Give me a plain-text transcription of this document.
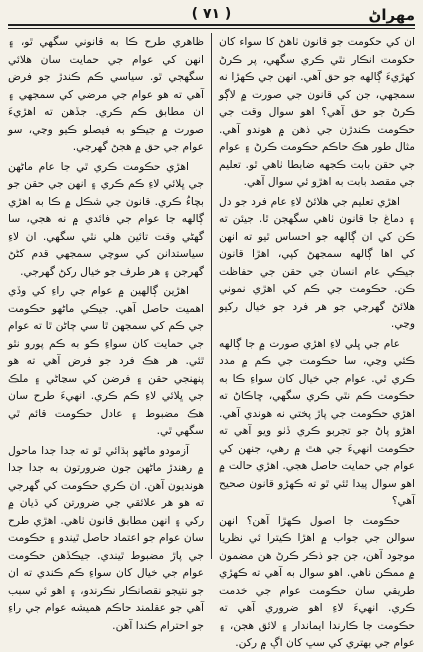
مهراڻ
( ٧١ )

ان کي حکومت جو قانون ٺاهڻ کا سواء کان حکومت انڪار نٿي ڪري سگهي، پر ڪرڻ کهڙيءَ ڳالهه جو حق آهي. انهن جي ڪهڙا نه سمجهي، جن کي قانون جي صورت ۾ لاڳو ڪرڻ جو حق آهي؟ اهو سوال وقت جي حڪومت ڪندڙن جي ذهن ۾ هوندو آهي. مثال طور هڪ حاڪم حڪومت ڪرڻ ۽ عوام جي حقن بابت ڪجهه ضابطا ٺاهي ٿو. تعليم جي مقصد بابت به اهڙو ئي سوال آهي.

اهڙي تعليم جي هلائڻ لاءِ عام فرد جو دل ۽ دماغ جا قانون ٺاهي سگهجن ٿا. جيئن ته ڪن کي ان ڳالهه جو احساس ٿيو ته انهن کي اها ڳالهه سمجهڻ کپي، اهڙا قانون جيڪي عام انسان جي حقن جي حفاظت ڪن. حڪومت جي ڪم کي اهڙي نموني هلائڻ گهرجي جو هر فرد جو خيال رکيو وڃي.

عام جي ڀلي لاءِ اهڙي صورت ۾ جا ڳالهه ڪئي وڃي، سا حڪومت جي ڪم ۾ مدد ڪري ٿي. عوام جي خيال کان سواءِ ڪا به حڪومت ڪم نٿي ڪري سگهي، ڇاڪاڻ ته اهڙي حڪومت جي پاڙ پختي نه هوندي آهي. اهڙو پاڻ جو تجربو ڪري ڏٺو ويو آهي ته حڪومت انهيءَ جي هٿ ۾ رهي، جنهن کي عوام جي حمايت حاصل هجي. اهڙي حالت ۾ اهو سوال پيدا ٿئي ٿو ته ڪهڙو قانون صحيح آهي؟

حڪومت جا اصول ڪهڙا آهن؟ انهن سوالن جي جواب ۾ اهڙا ڪيترا ئي نظريا موجود آهن، جن جو ذڪر ڪرڻ هن مضمون ۾ ممڪن ناهي. اهو سوال به آهي ته ڪهڙي طريقي سان حڪومت عوام جي خدمت ڪري. انهيءَ لاءِ اهو ضروري آهي ته حڪومت جا ڪارندا ايماندار ۽ لائق هجن، ۽ عوام جي بهتري کي سڀ کان اڳ ۾ رکن.

ظاهري طرح ڪا به قانوني سگهي ٿو، ۽ انهن کي عوام جي حمايت سان هلائي سگهجي ٿو. سياسي ڪم ڪندڙ جو فرض آهي ته هو عوام جي مرضي کي سمجهي ۽ ان مطابق ڪم ڪري. جڏهن ته اهڙيءَ صورت ۾ جيڪو به فيصلو ڪيو وڃي، سو عوام جي حق ۾ هجڻ گهرجي.

اهڙي حڪومت ڪري ٿي جا عام ماڻهن جي ڀلائي لاءِ ڪم ڪري ۽ انهن جي حقن جو بچاءُ ڪري. قانون جي شڪل ۾ ڪا به اهڙي ڳالهه جا عوام جي فائدي ۾ نه هجي، سا گهڻي وقت تائين هلي نٿي سگهي. ان لاءِ سياستدانن کي سوچي سمجهي قدم کڻڻ گهرجن ۽ هر طرف جو خيال رکڻ گهرجي.

اهڙين ڳالهين ۾ عوام جي راءِ کي وڏي اهميت حاصل آهي. جيڪي ماڻهو حڪومت جي ڪم کي سمجهن ٿا سي ڄاڻن ٿا ته عوام جي حمايت کان سواءِ ڪو به ڪم پورو نٿو ٿئي. هر هڪ فرد جو فرض آهي ته هو پنهنجي حقن ۽ فرضن کي سڃاڻي ۽ ملڪ جي ڀلائي لاءِ ڪم ڪري. انهيءَ طرح سان هڪ مضبوط ۽ عادل حڪومت قائم ٿي سگهي ٿي.

آزمودو ماڻهو ٻڌائي ٿو ته جدا جدا ماحول ۾ رهندڙ ماڻهن جون ضرورتون به جدا جدا هونديون آهن. ان ڪري حڪومت کي گهرجي ته هو هر علائقي جي ضرورتن کي ڌيان ۾ رکي ۽ انهن مطابق قانون ٺاهي. اهڙي طرح سان عوام جو اعتماد حاصل ٿيندو ۽ حڪومت جي پاڙ مضبوط ٿيندي. جيڪڏهن حڪومت عوام جي خيال کان سواءِ ڪم ڪندي ته ان جو نتيجو نقصانڪار نڪرندو، ۽ اهو ئي سبب آهي جو عقلمند حاڪم هميشه عوام جي راءِ جو احترام ڪندا آهن.
